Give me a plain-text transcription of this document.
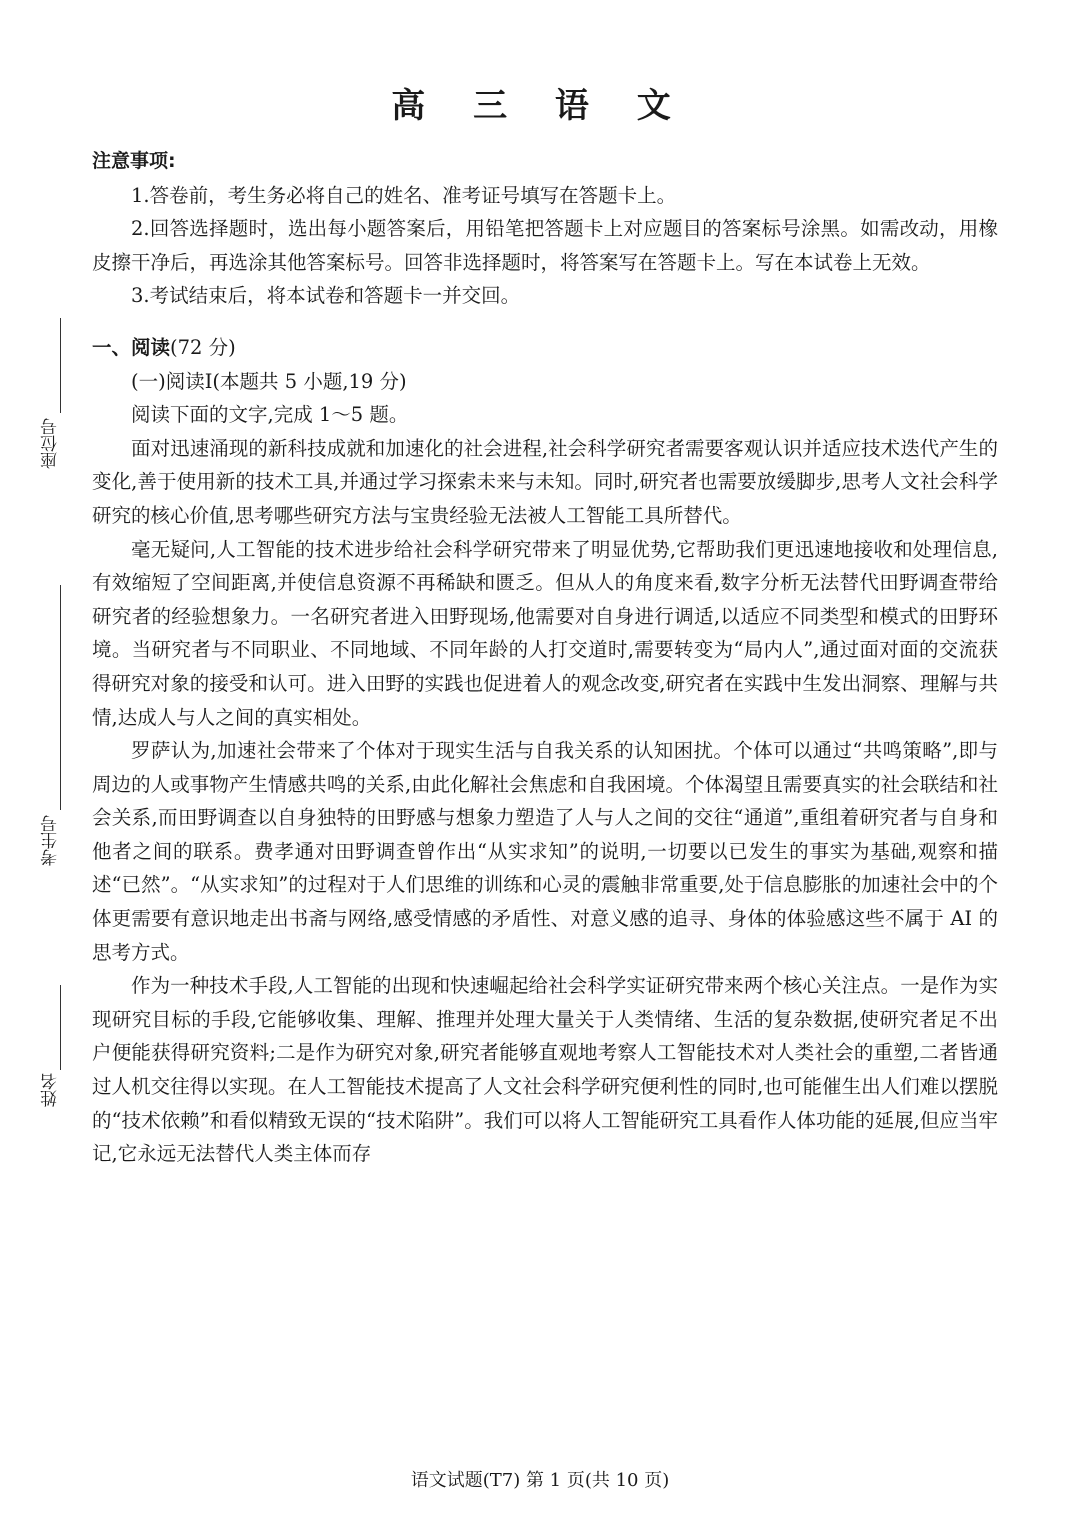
座位号
考生号
姓名
高 三 语 文
注意事项:

1.答卷前，考生务必将自己的姓名、准考证号填写在答题卡上。

2.回答选择题时，选出每小题答案后，用铅笔把答题卡上对应题目的答案标号涂黑。如需改动，用橡皮擦干净后，再选涂其他答案标号。回答非选择题时，将答案写在答题卡上。写在本试卷上无效。

3.考试结束后，将本试卷和答题卡一并交回。

一、阅读(72 分)

(一)阅读Ⅰ(本题共 5 小题,19 分)

阅读下面的文字,完成 1～5 题。

面对迅速涌现的新科技成就和加速化的社会进程,社会科学研究者需要客观认识并适应技术迭代产生的变化,善于使用新的技术工具,并通过学习探索未来与未知。同时,研究者也需要放缓脚步,思考人文社会科学研究的核心价值,思考哪些研究方法与宝贵经验无法被人工智能工具所替代。

毫无疑问,人工智能的技术进步给社会科学研究带来了明显优势,它帮助我们更迅速地接收和处理信息,有效缩短了空间距离,并使信息资源不再稀缺和匮乏。但从人的角度来看,数字分析无法替代田野调查带给研究者的经验想象力。一名研究者进入田野现场,他需要对自身进行调适,以适应不同类型和模式的田野环境。当研究者与不同职业、不同地域、不同年龄的人打交道时,需要转变为“局内人”,通过面对面的交流获得研究对象的接受和认可。进入田野的实践也促进着人的观念改变,研究者在实践中生发出洞察、理解与共情,达成人与人之间的真实相处。

罗萨认为,加速社会带来了个体对于现实生活与自我关系的认知困扰。个体可以通过“共鸣策略”,即与周边的人或事物产生情感共鸣的关系,由此化解社会焦虑和自我困境。个体渴望且需要真实的社会联结和社会关系,而田野调查以自身独特的田野感与想象力塑造了人与人之间的交往“通道”,重组着研究者与自身和他者之间的联系。费孝通对田野调查曾作出“从实求知”的说明,一切要以已发生的事实为基础,观察和描述“已然”。“从实求知”的过程对于人们思维的训练和心灵的震触非常重要,处于信息膨胀的加速社会中的个体更需要有意识地走出书斋与网络,感受情感的矛盾性、对意义感的追寻、身体的体验感这些不属于 AI 的思考方式。

作为一种技术手段,人工智能的出现和快速崛起给社会科学实证研究带来两个核心关注点。一是作为实现研究目标的手段,它能够收集、理解、推理并处理大量关于人类情绪、生活的复杂数据,使研究者足不出户便能获得研究资料;二是作为研究对象,研究者能够直观地考察人工智能技术对人类社会的重塑,二者皆通过人机交往得以实现。在人工智能技术提高了人文社会科学研究便利性的同时,也可能催生出人们难以摆脱的“技术依赖”和看似精致无误的“技术陷阱”。我们可以将人工智能研究工具看作人体功能的延展,但应当牢记,它永远无法替代人类主体而存

语文试题(T7) 第 1 页(共 10 页)
